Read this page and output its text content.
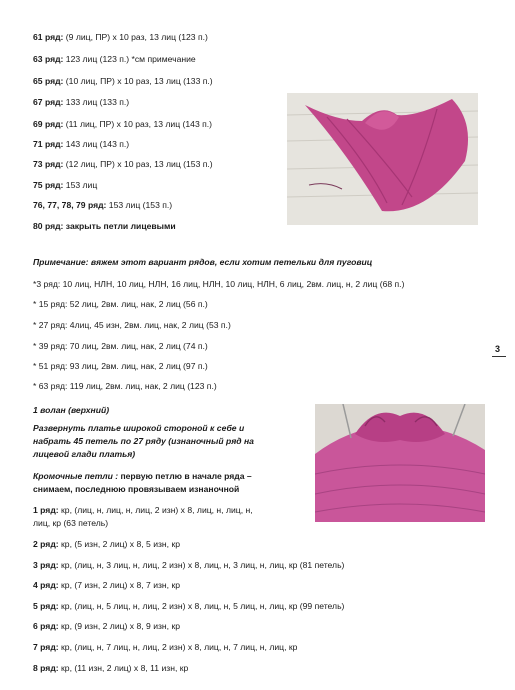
61 ряд: (9 лиц, ПР) х 10 раз, 13 лиц (123 п.)
63 ряд: 123 лиц (123 п.) *см примечание
65 ряд: (10 лиц, ПР) х 10 раз, 13 лиц (133 п.)
67 ряд: 133 лиц (133 п.)
69 ряд: (11 лиц, ПР) х 10 раз, 13 лиц (143 п.)
71 ряд: 143 лиц (143 п.)
73 ряд: (12 лиц, ПР) х 10 раз, 13 лиц (153 п.)
75 ряд: 153 лиц
76, 77, 78, 79 ряд: 153 лиц (153 п.)
80 ряд: закрыть петли лицевыми
Примечание: вяжем этот вариант рядов, если хотим петельки для пуговиц
*3 ряд: 10 лиц, НЛН, 10 лиц, НЛН, 16 лиц, НЛН, 10 лиц, НЛН, 6 лиц, 2вм. лиц, н, 2 лиц (68 п.)
* 15 ряд: 52 лиц, 2вм. лиц, нак, 2 лиц (56 п.)
* 27 ряд: 4лиц, 45 изн, 2вм. лиц, нак, 2 лиц (53 п.)
* 39 ряд: 70 лиц, 2вм. лиц, нак, 2 лиц (74 п.)
* 51 ряд: 93 лиц, 2вм. лиц, нак, 2 лиц (97 п.)
* 63 ряд: 119 лиц, 2вм. лиц, нак, 2 лиц (123 п.)
3
1 волан (верхний)
Развернуть платье широкой стороной к себе и
набрать 45 петель по 27 ряду (изнаночный ряд на
лицевой глади платья)
Кромочные петли : первую петлю в начале ряда –
снимаем, последнюю провязываем изнаночной
1 ряд: кр, (лиц, н, лиц, н, лиц, 2 изн) х 8, лиц, н, лиц, н,
лиц, кр (63 петель)
2 ряд: кр, (5 изн, 2 лиц) х 8, 5 изн, кр
3 ряд: кр, (лиц, н, 3 лиц, н, лиц, 2 изн) х 8, лиц, н, 3 лиц, н, лиц, кр (81 петель)
4 ряд: кр, (7 изн, 2 лиц) х 8, 7 изн, кр
5 ряд: кр, (лиц, н, 5 лиц, н, лиц, 2 изн) х 8, лиц, н, 5 лиц, н, лиц, кр (99 петель)
6 ряд: кр, (9 изн, 2 лиц) х 8, 9 изн, кр
7 ряд: кр, (лиц, н, 7 лиц, н, лиц, 2 изн) х 8, лиц, н, 7 лиц, н, лиц, кр
8 ряд: кр, (11 изн, 2 лиц) х 8, 11 изн, кр
